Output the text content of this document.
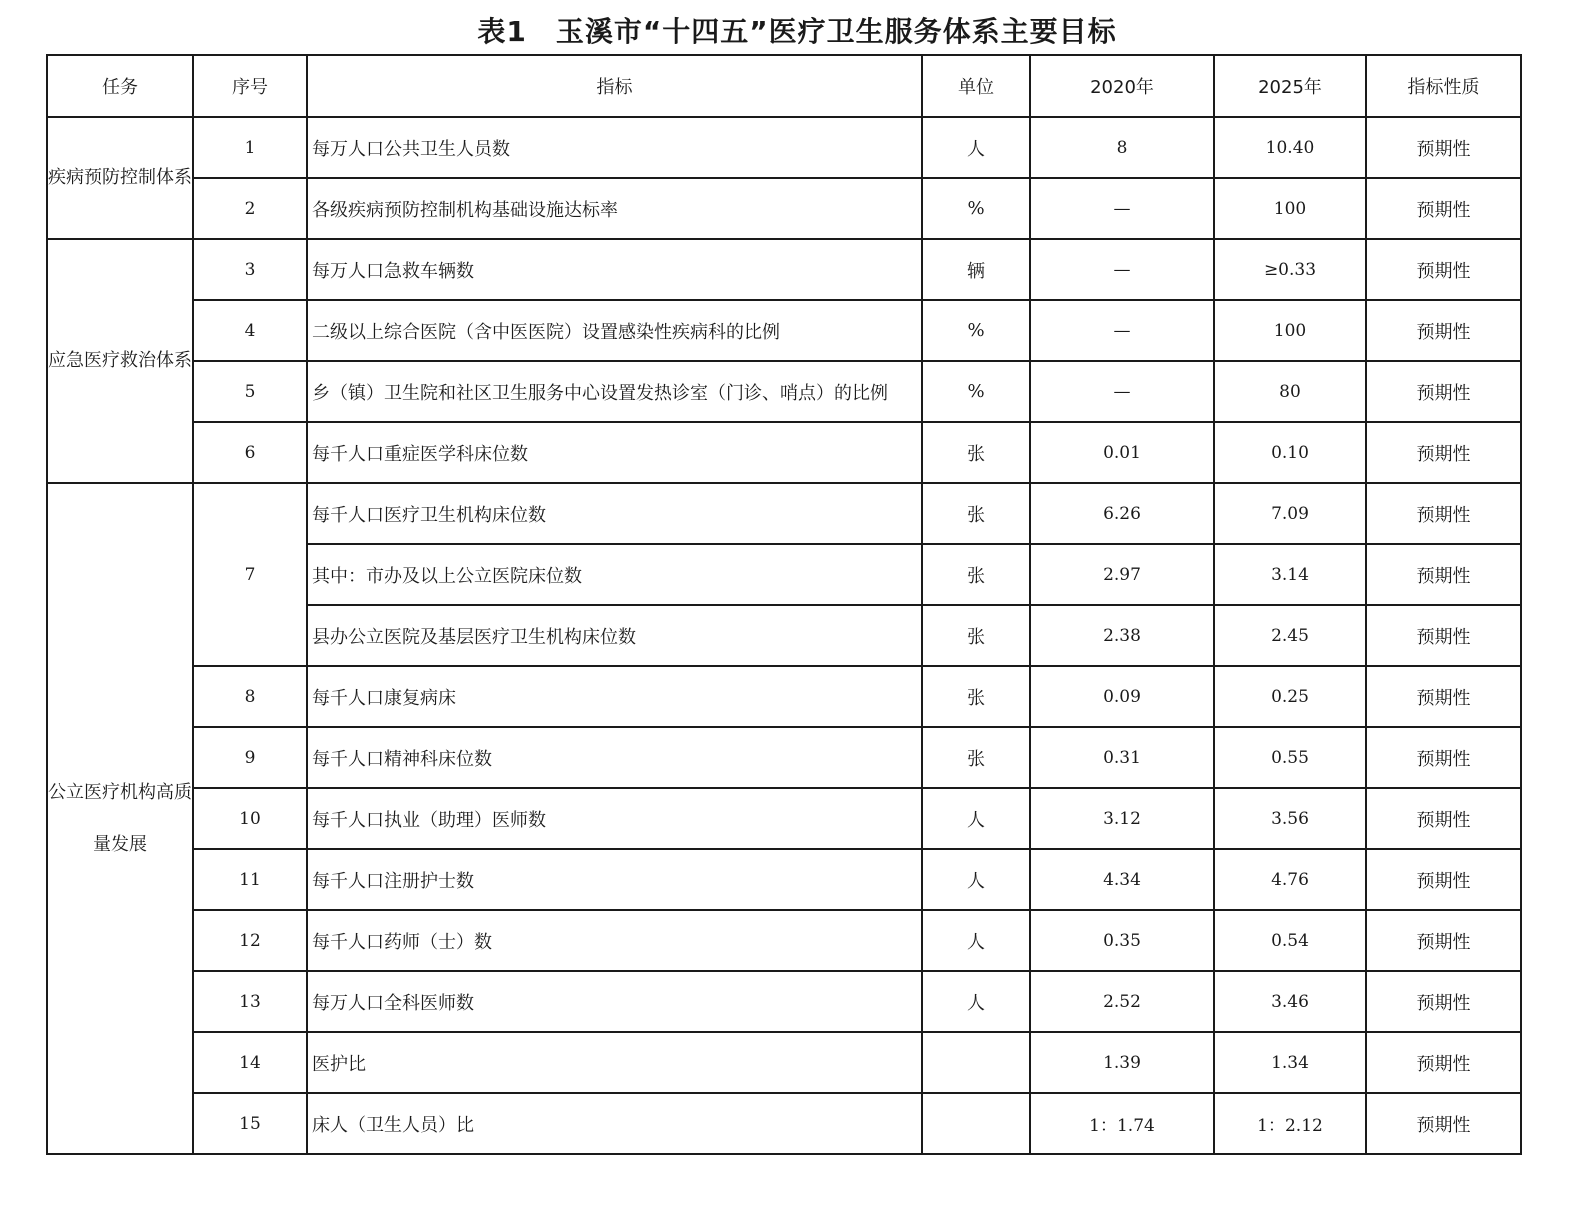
表1　玉溪市“十四五”医疗卫生服务体系主要目标
任务	序号	指标	单位	2020年	2025年	指标性质
疾病预防控制体系	1	每万人口公共卫生人员数	人	8	10.40	预期性
	2	各级疾病预防控制机构基础设施达标率	%	—	100	预期性
应急医疗救治体系	3	每万人口急救车辆数	辆	—	≥0.33	预期性
	4	二级以上综合医院（含中医医院）设置感染性疾病科的比例	%	—	100	预期性
	5	乡（镇）卫生院和社区卫生服务中心设置发热诊室（门诊、哨点）的比例	%	—	80	预期性
	6	每千人口重症医学科床位数	张	0.01	0.10	预期性
公立医疗机构高质量发展	7	每千人口医疗卫生机构床位数	张	6.26	7.09	预期性
		其中：市办及以上公立医院床位数	张	2.97	3.14	预期性
		县办公立医院及基层医疗卫生机构床位数	张	2.38	2.45	预期性
	8	每千人口康复病床	张	0.09	0.25	预期性
	9	每千人口精神科床位数	张	0.31	0.55	预期性
	10	每千人口执业（助理）医师数	人	3.12	3.56	预期性
	11	每千人口注册护士数	人	4.34	4.76	预期性
	12	每千人口药师（士）数	人	0.35	0.54	预期性
	13	每万人口全科医师数	人	2.52	3.46	预期性
	14	医护比		1.39	1.34	预期性
	15	床人（卫生人员）比		1：1.74	1：2.12	预期性
